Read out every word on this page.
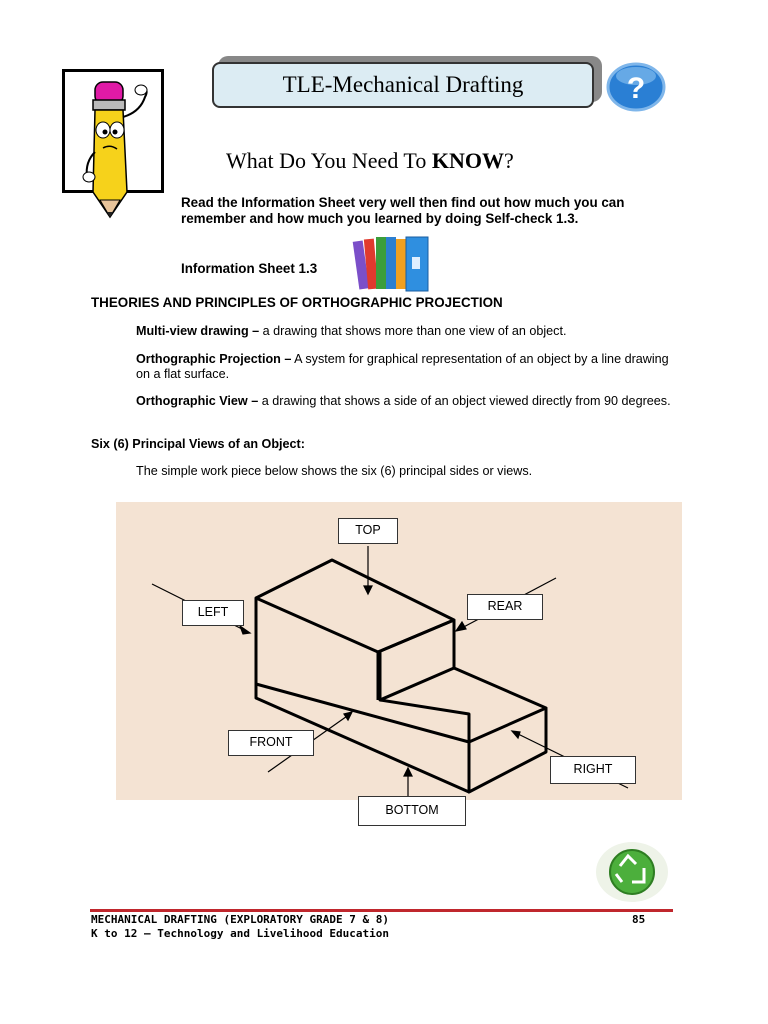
TLE-Mechanical Drafting	?
What Do You Need To KNOW?
Read the Information Sheet very well then find out how much you can remember and how much you learned by doing Self-check 1.3.
Information Sheet 1.3
THEORIES AND PRINCIPLES OF ORTHOGRAPHIC PROJECTION
Multi-view drawing – a drawing that shows more than one view of an object.
Orthographic Projection – A system for graphical representation of an object by a line drawing on a flat surface.
Orthographic View – a drawing that shows a side of an object viewed directly from 90 degrees.
Six (6) Principal Views of an Object:
The simple work piece below shows the six (6) principal sides or views.
TOP
LEFT	REAR
FRONT
RIGHT
BOTTOM
MECHANICAL DRAFTING (EXPLORATORY GRADE 7 & 8)
K to 12 – Technology and Livelihood Education
85
